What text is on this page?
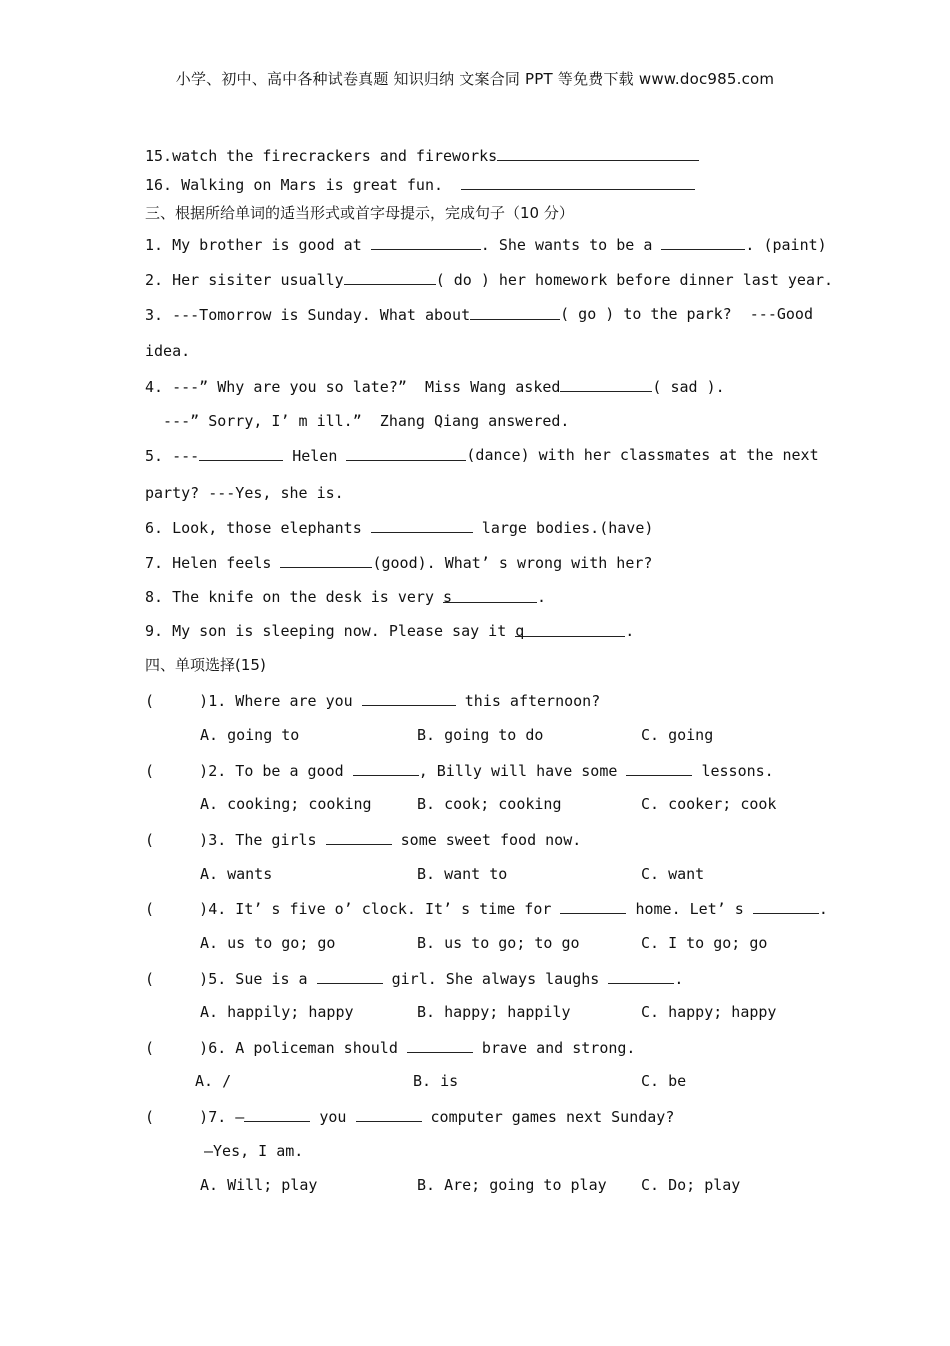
小学、初中、高中各种试卷真题 知识归纳 文案合同 PPT 等免费下载 www.doc985.com
15.watch the firecrackers and fireworks
16. Walking on Mars is great fun.
三、根据所给单词的适当形式或首字母提示，完成句子（10 分）
1. My brother is good at	. She wants to be a	. (paint)
2. Her sisiter usually	( do ) her homework before dinner last year.
3. ---Tomorrow is Sunday. What about	( go ) to the park?  ---Good
idea.
4. ---” Why are you so late?”  Miss Wang asked	( sad ).
---” Sorry, I’ m ill.”  Zhang Qiang answered.
5. ---	Helen	(dance) with her classmates at the next
party? ---Yes, she is.
6. Look, those elephants	large bodies.(have)
7. Helen feels	(good). What’ s wrong with her?
8. The knife on the desk is very s	.
9. My son is sleeping now. Please say it q	.
四、单项选择(15)
(     )1. Where are you	this afternoon?
A. going to	B. going to do	C. going
(     )2. To be a good	, Billy will have some	lessons.
A. cooking; cooking	B. cook; cooking	C. cooker; cook
(     )3. The girls	some sweet food now.
A. wants	B. want to	C. want
(     )4. It’ s five o’ clock. It’ s time for	home. Let’ s	.
A. us to go; go	B. us to go; to go	C. I to go; go
(     )5. Sue is a	girl. She always laughs	.
A. happily; happy	B. happy; happily	C. happy; happy
(     )6. A policeman should	brave and strong.
A. /	B. is	C. be
(     )7. —	you	computer games next Sunday?
—Yes, I am.
A. Will; play	B. Are; going to play C. Do; play
